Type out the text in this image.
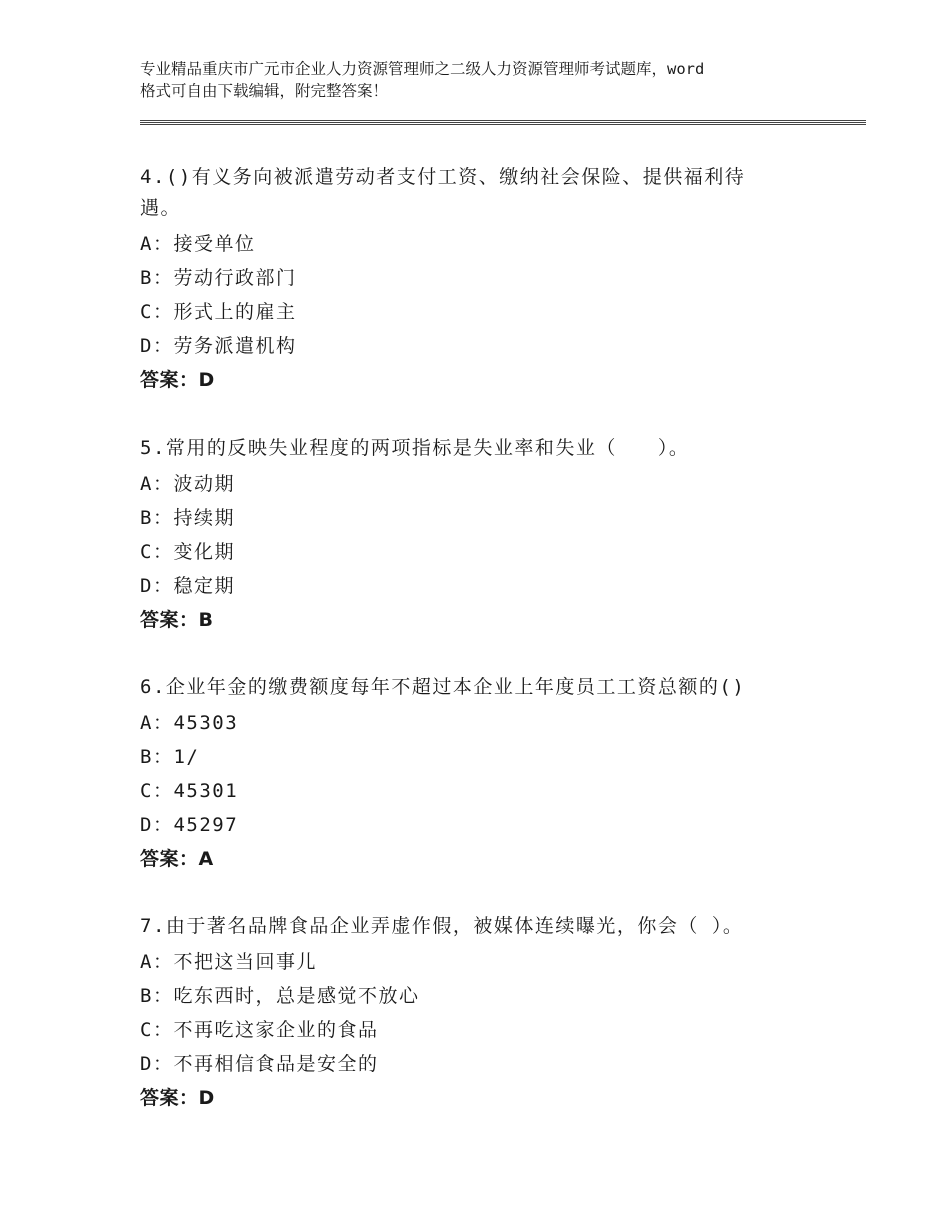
专业精品重庆市广元市企业人力资源管理师之二级人力资源管理师考试题库，word
格式可自由下载编辑，附完整答案！
4.()有义务向被派遣劳动者支付工资、缴纳社会保险、提供福利待
遇。
A：接受单位
B：劳动行政部门
C：形式上的雇主
D：劳务派遣机构
答案：D
5.常用的反映失业程度的两项指标是失业率和失业（　　）。
A：波动期
B：持续期
C：变化期
D：稳定期
答案：B
6.企业年金的缴费额度每年不超过本企业上年度员工工资总额的()
A：45303
B：1/
C：45301
D：45297
答案：A
7.由于著名品牌食品企业弄虚作假，被媒体连续曝光，你会（ ）。
A：不把这当回事儿
B：吃东西时，总是感觉不放心
C：不再吃这家企业的食品
D：不再相信食品是安全的
答案：D
